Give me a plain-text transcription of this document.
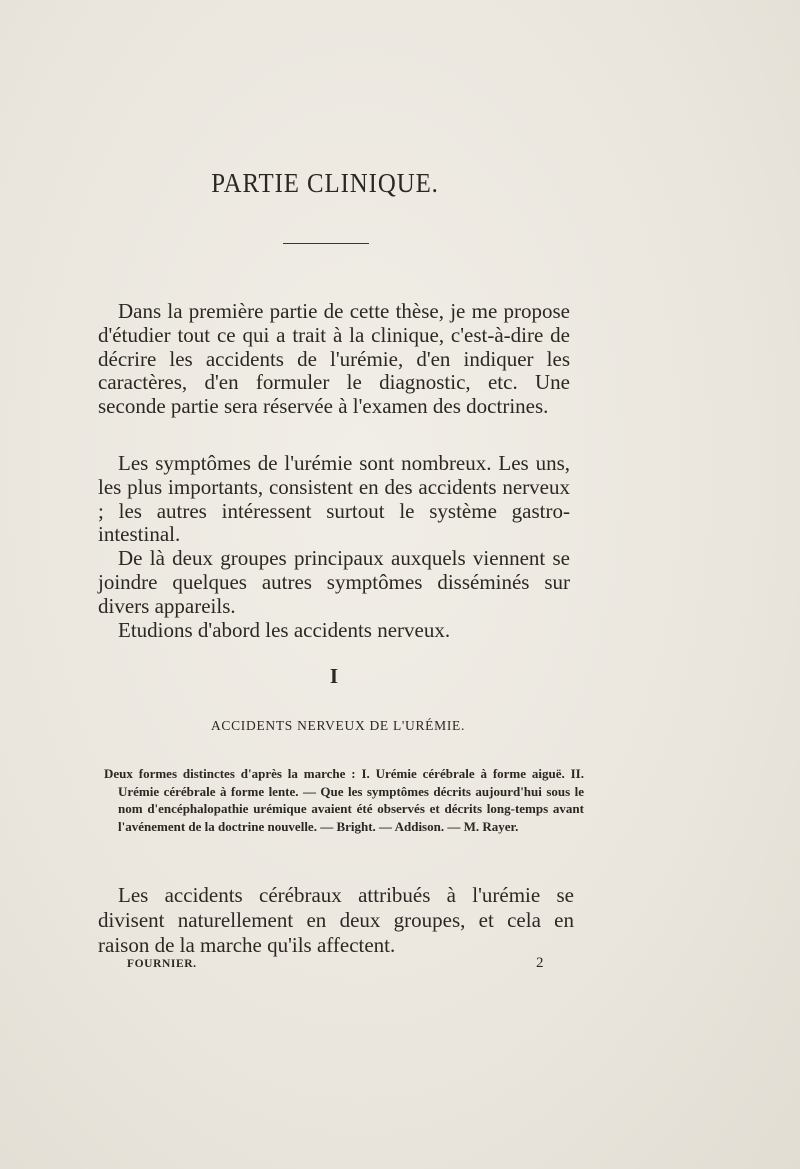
PARTIE CLINIQUE.

Dans la première partie de cette thèse, je me propose d'étudier tout ce qui a trait à la clinique, c'est-à-dire de décrire les accidents de l'urémie, d'en indiquer les caractères, d'en formuler le diagnostic, etc. Une seconde partie sera réservée à l'examen des doctrines.

Les symptômes de l'urémie sont nombreux. Les uns, les plus importants, consistent en des accidents nerveux ; les autres intéressent surtout le système gastro-intestinal.

De là deux groupes principaux auxquels viennent se joindre quelques autres symptômes disséminés sur divers appareils.

Etudions d'abord les accidents nerveux.

I
ACCIDENTS NERVEUX DE L'URÉMIE.

Deux formes distinctes d'après la marche : I. Urémie cérébrale à forme aiguë. II. Urémie cérébrale à forme lente. — Que les symptômes décrits aujourd'hui sous le nom d'encéphalopathie urémique avaient été observés et décrits long-temps avant l'avénement de la doctrine nouvelle. — Bright. — Addison. — M. Rayer.

Les accidents cérébraux attribués à l'urémie se divisent naturellement en deux groupes, et cela en raison de la marche qu'ils affectent.

FOURNIER.	2
